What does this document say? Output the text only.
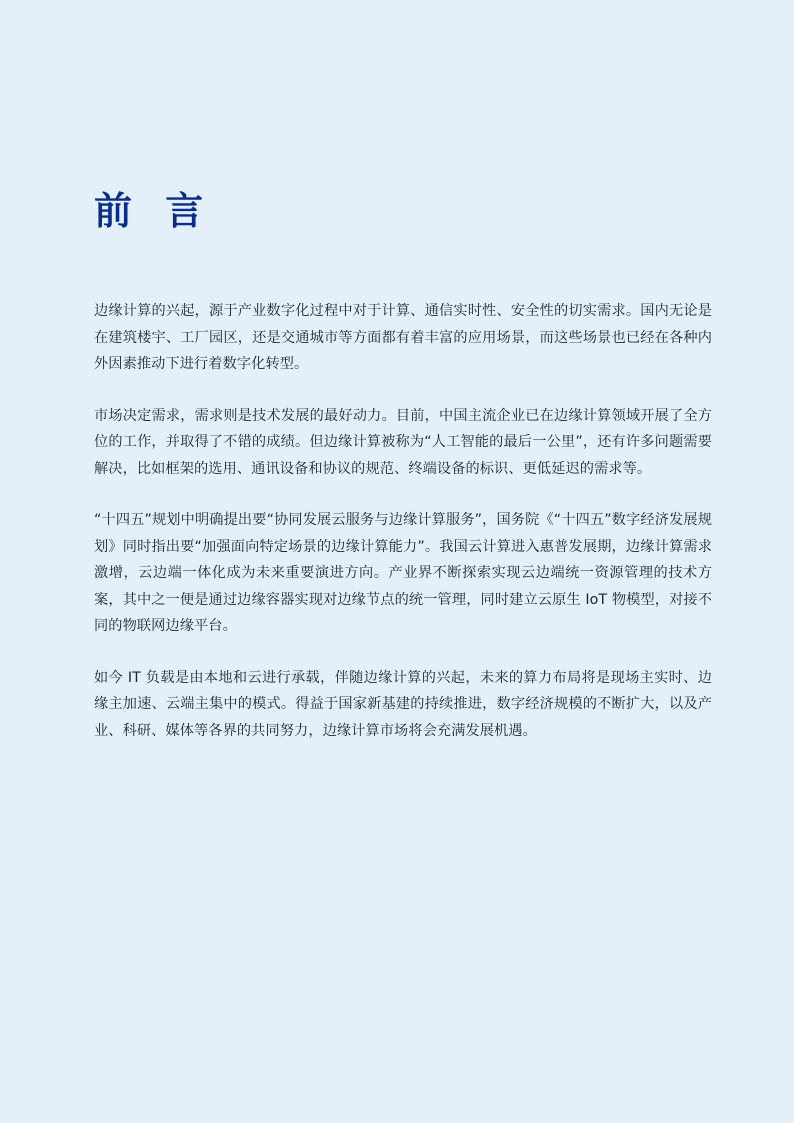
前 言

边缘计算的兴起，源于产业数字化过程中对于计算、通信实时性、安全性的切实需求。国内无论是在建筑楼宇、工厂园区，还是交通城市等方面都有着丰富的应用场景，而这些场景也已经在各种内外因素推动下进行着数字化转型。

市场决定需求，需求则是技术发展的最好动力。目前，中国主流企业已在边缘计算领域开展了全方位的工作，并取得了不错的成绩。但边缘计算被称为“人工智能的最后一公里”，还有许多问题需要解决，比如框架的选用、通讯设备和协议的规范、终端设备的标识、更低延迟的需求等。

“十四五”规划中明确提出要“协同发展云服务与边缘计算服务”，国务院《“十四五”数字经济发展规划》同时指出要“加强面向特定场景的边缘计算能力”。我国云计算进入惠普发展期，边缘计算需求激增，云边端一体化成为未来重要演进方向。产业界不断探索实现云边端统一资源管理的技术方案，其中之一便是通过边缘容器实现对边缘节点的统一管理，同时建立云原生 IoT 物模型，对接不同的物联网边缘平台。

如今 IT 负载是由本地和云进行承载，伴随边缘计算的兴起，未来的算力布局将是现场主实时、边缘主加速、云端主集中的模式。得益于国家新基建的持续推进，数字经济规模的不断扩大，以及产业、科研、媒体等各界的共同努力，边缘计算市场将会充满发展机遇。
